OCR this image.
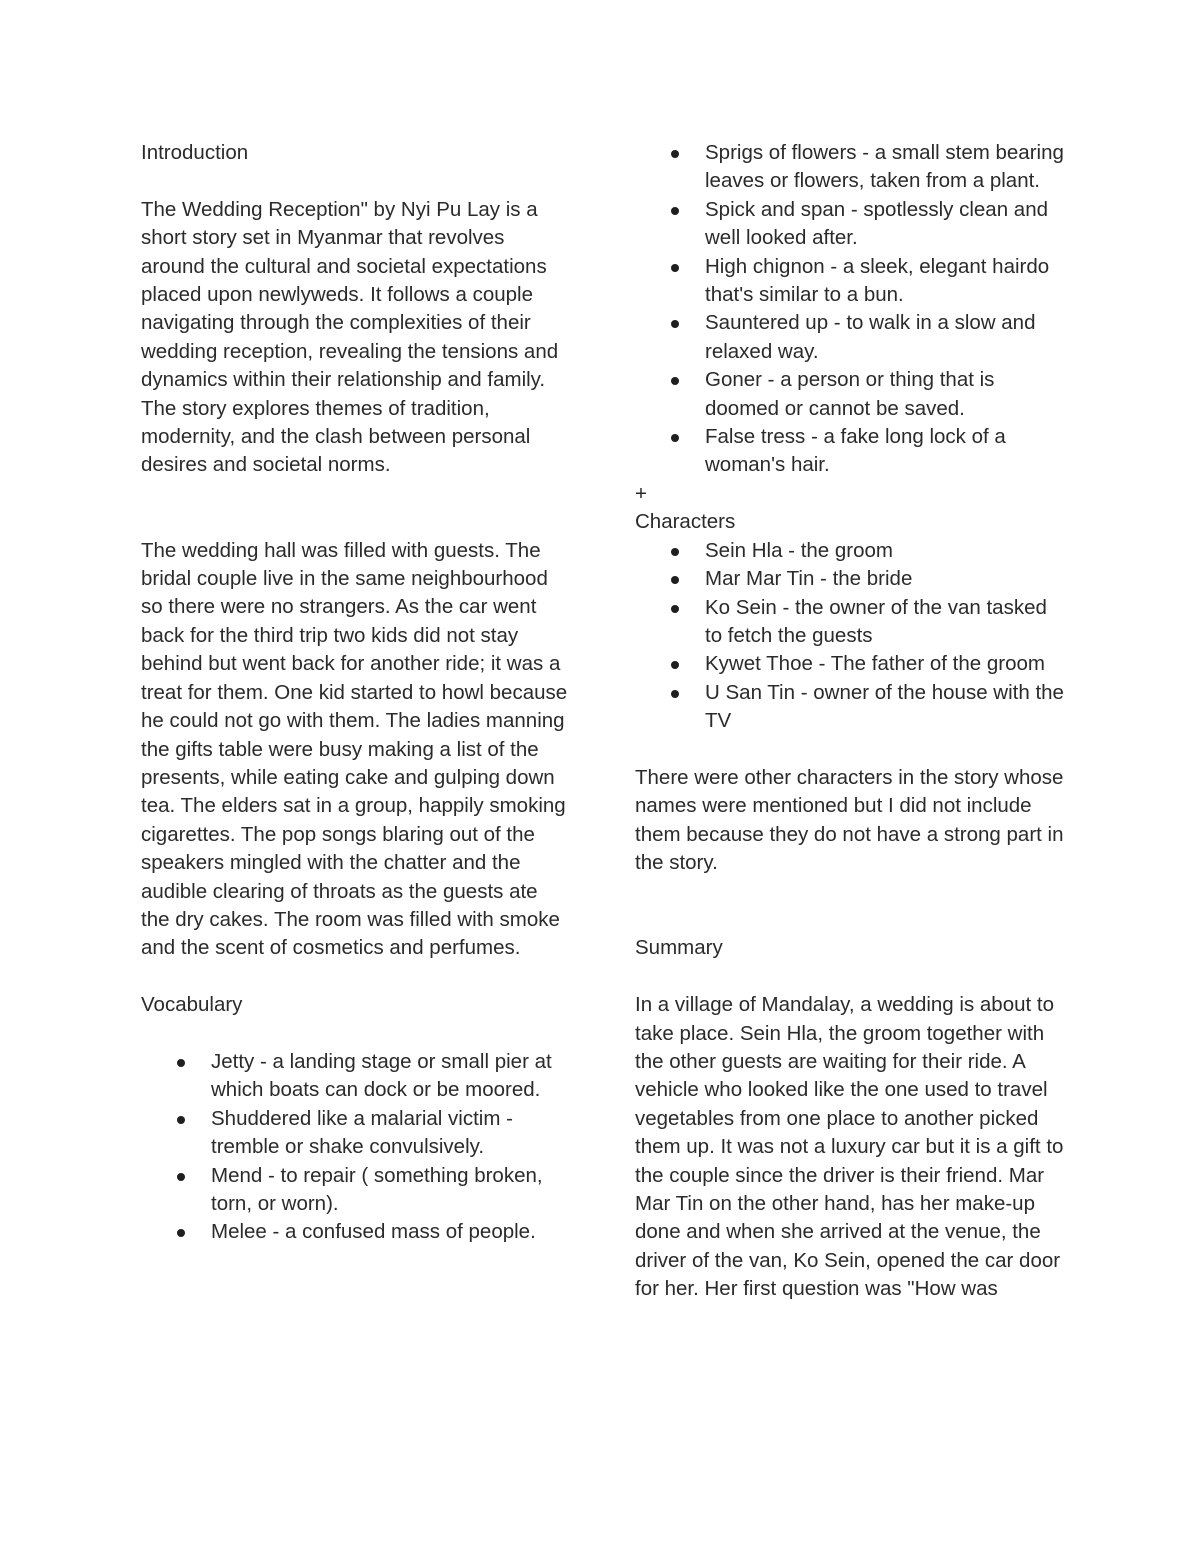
Introduction

The Wedding Reception" by Nyi Pu Lay is a short story set in Myanmar that revolves around the cultural and societal expectations placed upon newlyweds. It follows a couple navigating through the complexities of their wedding reception, revealing the tensions and dynamics within their relationship and family. The story explores themes of tradition, modernity, and the clash between personal desires and societal norms.

The wedding hall was filled with guests. The bridal couple live in the same neighbourhood so there were no strangers. As the car went back for the third trip two kids did not stay behind but went back for another ride; it was a treat for them. One kid started to howl because he could not go with them. The ladies manning the gifts table were busy making a list of the presents, while eating cake and gulping down tea. The elders sat in a group, happily smoking cigarettes. The pop songs blaring out of the speakers mingled with the chatter and the audible clearing of throats as the guests ate the dry cakes. The room was filled with smoke and the scent of cosmetics and perfumes.

Vocabulary

Jetty - a landing stage or small pier at which boats can dock or be moored.
Shuddered like a malarial victim - tremble or shake convulsively.
Mend - to repair ( something broken, torn, or worn).
Melee - a confused mass of people.
Sprigs of flowers - a small stem bearing leaves or flowers, taken from a plant.
Spick and span - spotlessly clean and well looked after.
High chignon - a sleek, elegant hairdo that's similar to a bun.
Sauntered up - to walk in a slow and relaxed way.
Goner - a person or thing that is doomed or cannot be saved.
False tress - a fake long lock of a woman's hair.

+

Characters

Sein Hla - the groom
Mar Mar Tin - the bride
Ko Sein - the owner of the van tasked to fetch the guests
Kywet Thoe - The father of the groom
U San Tin - owner of the house with the TV

There were other characters in the story whose names were mentioned but I did not include them because they do not have a strong part in the story.

Summary

In a village of Mandalay, a wedding is about to take place. Sein Hla, the groom together with the other guests are waiting for their ride. A vehicle who looked like the one used to travel vegetables from one place to another picked them up. It was not a luxury car but it is a gift to the couple since the driver is their friend. Mar Mar Tin on the other hand, has her make-up done and when she arrived at the venue, the driver of the van, Ko Sein, opened the car door for her. Her first question was "How was
